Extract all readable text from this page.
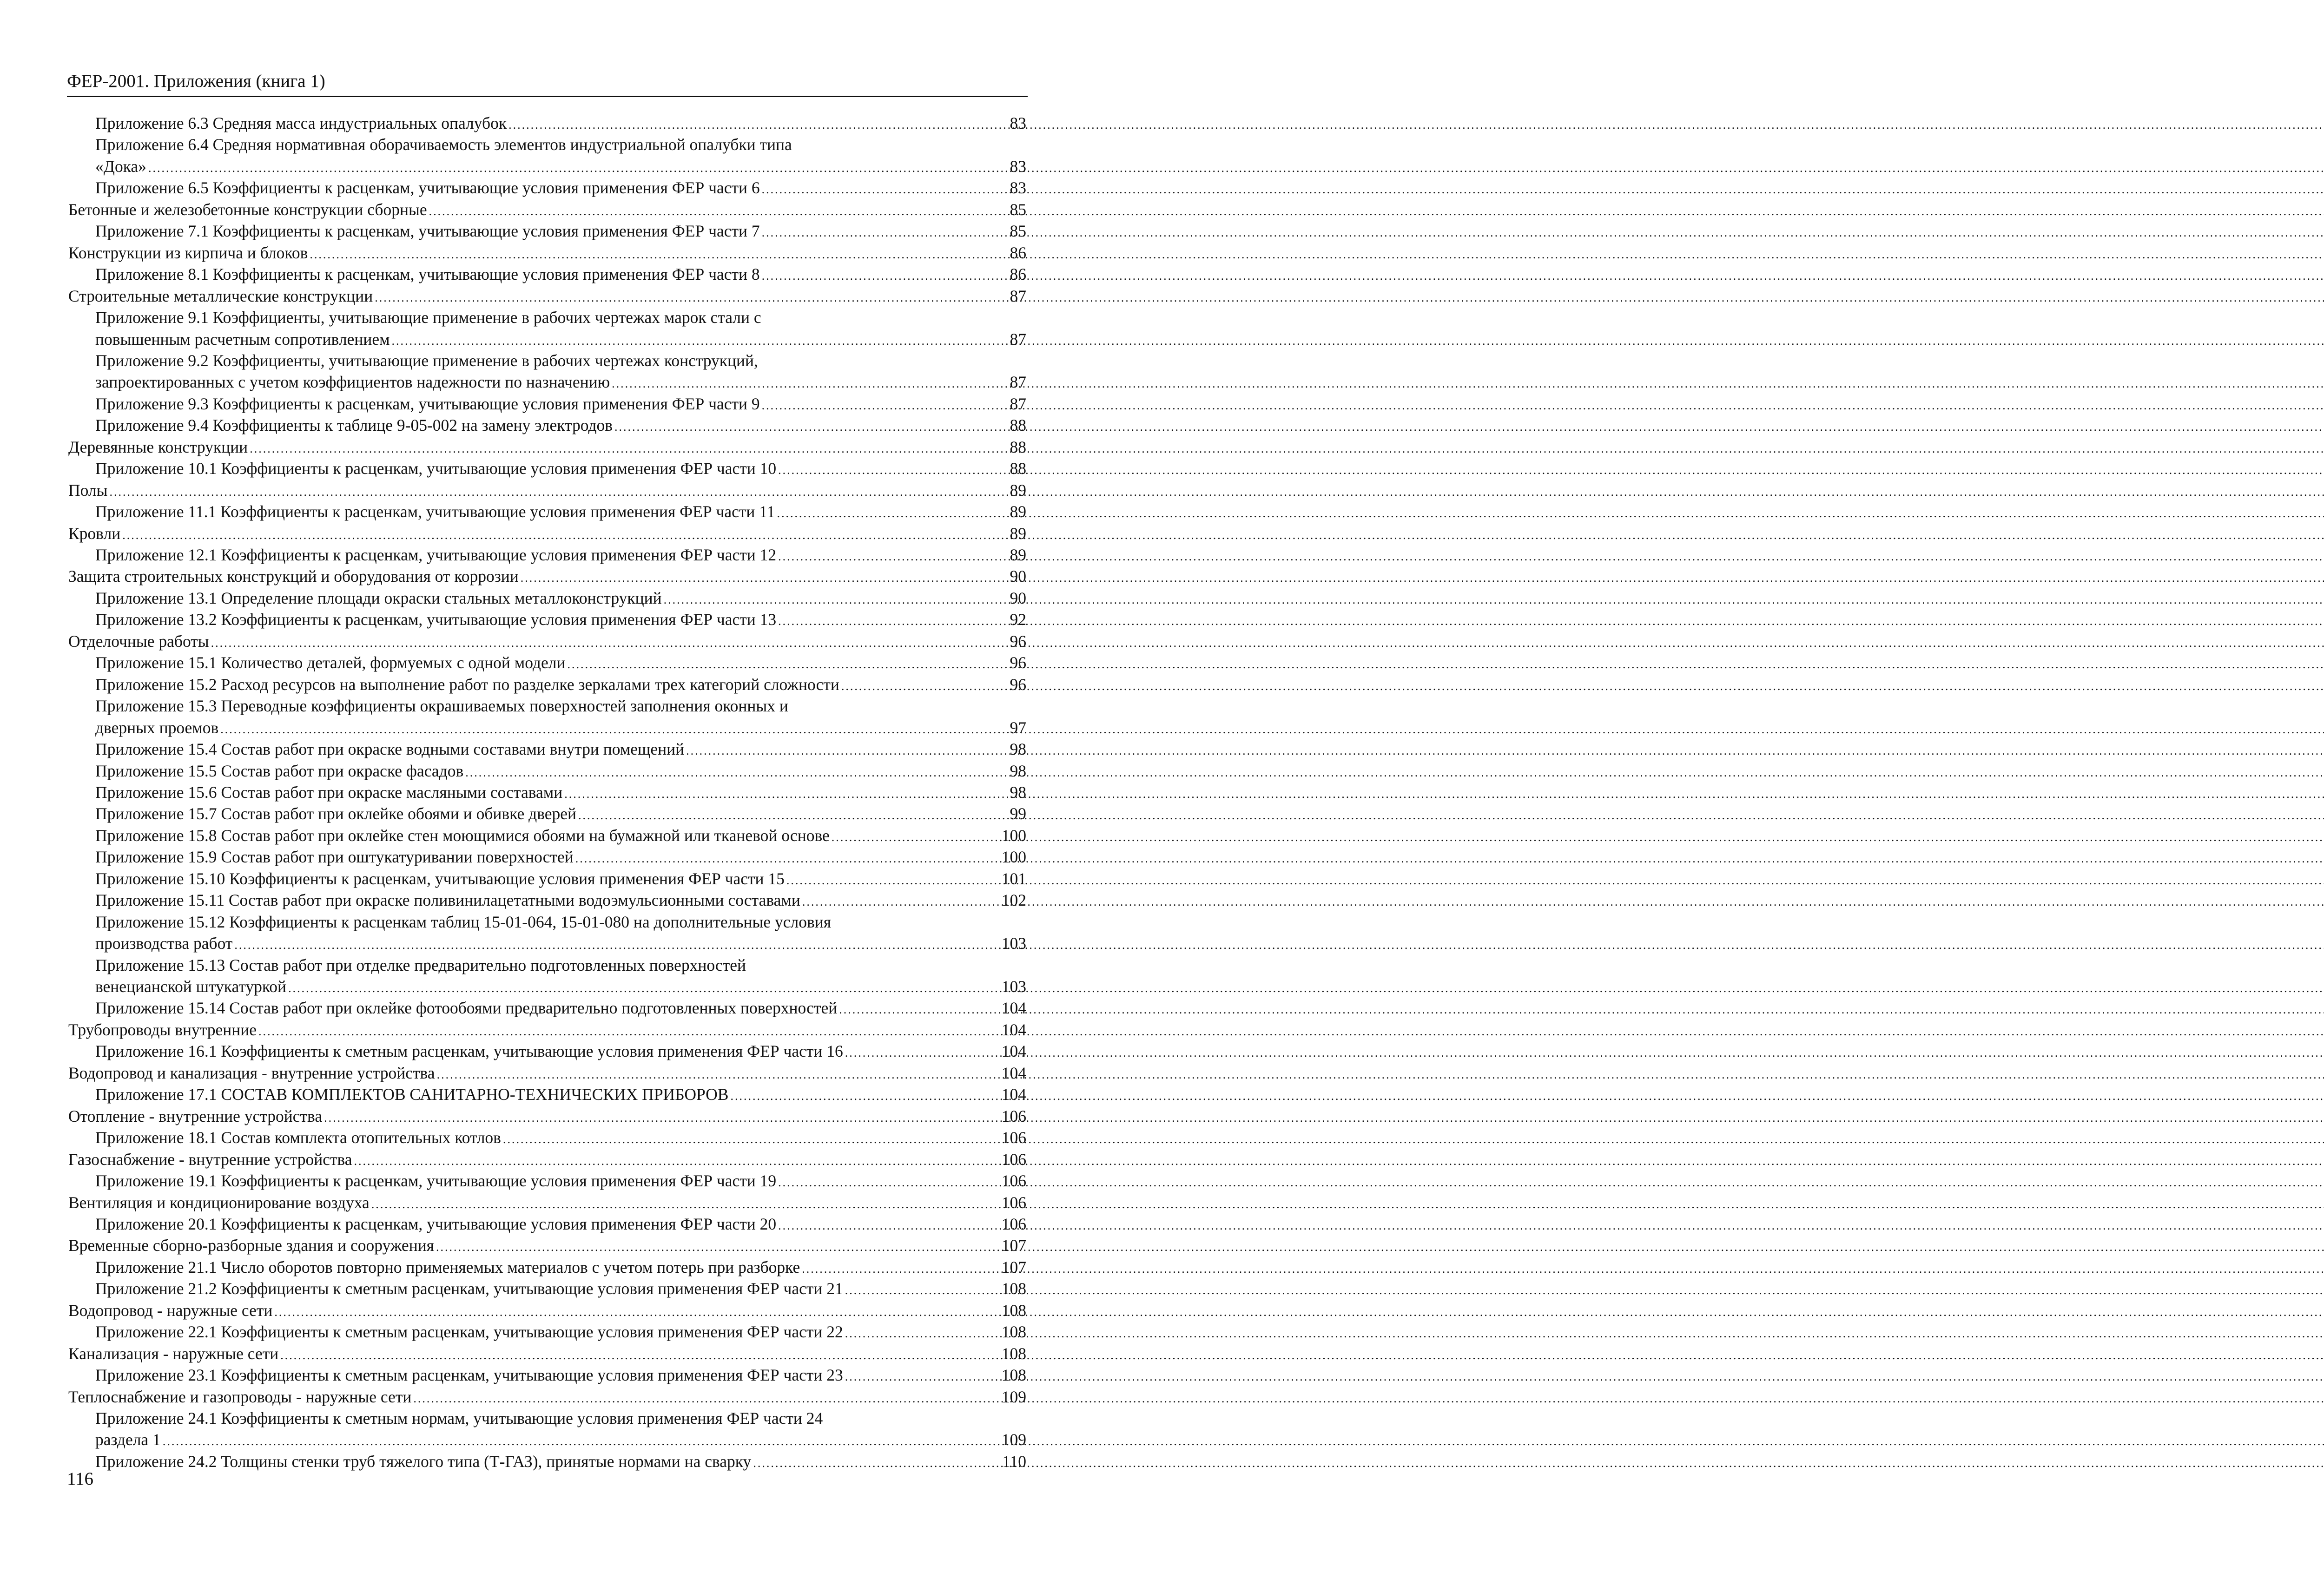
ФЕР-2001. Приложения (книга 1)
Приложение 6.3 Средняя масса индустриальных опалубок .....	83
Приложение 6.4 Средняя нормативная оборачиваемость элементов индустриальной опалубки типа
«Дока» .....	83
Приложение 6.5 Коэффициенты к расценкам, учитывающие условия применения ФЕР части 6 .....	83
Бетонные и железобетонные конструкции сборные .....	85
Приложение 7.1 Коэффициенты к расценкам, учитывающие условия применения ФЕР части 7 .....	85
Конструкции из кирпича и блоков .....	86
Приложение 8.1 Коэффициенты к расценкам, учитывающие условия применения ФЕР части 8 .....	86
Строительные металлические конструкции .....	87
Приложение 9.1 Коэффициенты, учитывающие применение в рабочих чертежах марок стали с
повышенным расчетным сопротивлением .....	87
Приложение 9.2 Коэффициенты, учитывающие применение в рабочих чертежах конструкций,
запроектированных с учетом коэффициентов надежности по назначению .....	87
Приложение 9.3 Коэффициенты к расценкам, учитывающие условия применения ФЕР части 9 .....	87
Приложение 9.4 Коэффициенты к таблице 9-05-002 на замену электродов .....	88
Деревянные конструкции .....	88
Приложение 10.1 Коэффициенты к расценкам, учитывающие условия применения ФЕР части 10 .....	88
Полы .....	89
Приложение 11.1 Коэффициенты к расценкам, учитывающие условия применения ФЕР части 11 .....	89
Кровли .....	89
Приложение 12.1 Коэффициенты к расценкам, учитывающие условия применения ФЕР части 12 .....	89
Защита строительных конструкций и оборудования от коррозии .....	90
Приложение 13.1 Определение площади окраски стальных металлоконструкций .....	90
Приложение 13.2 Коэффициенты к расценкам, учитывающие условия применения ФЕР части 13 .....	92
Отделочные работы .....	96
Приложение 15.1 Количество деталей, формуемых с одной модели .....	96
Приложение 15.2 Расход ресурсов на выполнение работ по разделке зеркалами трех категорий сложности .....	96
Приложение 15.3 Переводные коэффициенты окрашиваемых поверхностей заполнения оконных и
дверных проемов .....	97
Приложение 15.4 Состав работ при окраске водными составами внутри помещений .....	98
Приложение 15.5 Состав работ при окраске фасадов .....	98
Приложение 15.6 Состав работ при окраске масляными составами .....	98
Приложение 15.7 Состав работ при оклейке обоями и обивке дверей .....	99
Приложение 15.8 Состав работ при оклейке стен моющимися обоями на бумажной или тканевой основе .....	100
Приложение 15.9 Состав работ при оштукатуривании поверхностей .....	100
Приложение 15.10 Коэффициенты к расценкам, учитывающие условия применения ФЕР части 15 .....	101
Приложение 15.11 Состав работ при окраске поливинилацетатными водоэмульсионными составами .....	102
Приложение 15.12 Коэффициенты к расценкам таблиц 15-01-064, 15-01-080 на дополнительные условия
производства работ .....	103
Приложение 15.13 Состав работ при отделке предварительно подготовленных поверхностей
венецианской штукатуркой .....	103
Приложение 15.14 Состав работ при оклейке фотообоями предварительно подготовленных поверхностей .....	104
Трубопроводы внутренние .....	104
Приложение 16.1 Коэффициенты к сметным расценкам, учитывающие условия применения ФЕР части 16 .....	104
Водопровод и канализация - внутренние устройства .....	104
Приложение 17.1 СОСТАВ КОМПЛЕКТОВ САНИТАРНО-ТЕХНИЧЕСКИХ ПРИБОРОВ .....	104
Отопление - внутренние устройства .....	106
Приложение 18.1 Состав комплекта отопительных котлов .....	106
Газоснабжение - внутренние устройства .....	106
Приложение 19.1 Коэффициенты к расценкам, учитывающие условия применения ФЕР части 19 .....	106
Вентиляция и кондиционирование воздуха .....	106
Приложение 20.1 Коэффициенты к расценкам, учитывающие условия применения ФЕР части 20 .....	106
Временные сборно-разборные здания и сооружения .....	107
Приложение 21.1 Число оборотов повторно применяемых материалов с учетом потерь при разборке .....	107
Приложение 21.2 Коэффициенты к сметным расценкам, учитывающие условия применения ФЕР части 21 .....	108
Водопровод - наружные сети .....	108
Приложение 22.1 Коэффициенты к сметным расценкам, учитывающие условия применения ФЕР части 22 .....	108
Канализация - наружные сети .....	108
Приложение 23.1 Коэффициенты к сметным расценкам, учитывающие условия применения ФЕР части 23 .....	108
Теплоснабжение и газопроводы - наружные сети .....	109
Приложение 24.1 Коэффициенты к сметным нормам, учитывающие условия применения ФЕР части 24
раздела 1 .....	109
Приложение 24.2 Толщины стенки труб тяжелого типа (Т-ГАЗ), принятые нормами на сварку .....	110
116
